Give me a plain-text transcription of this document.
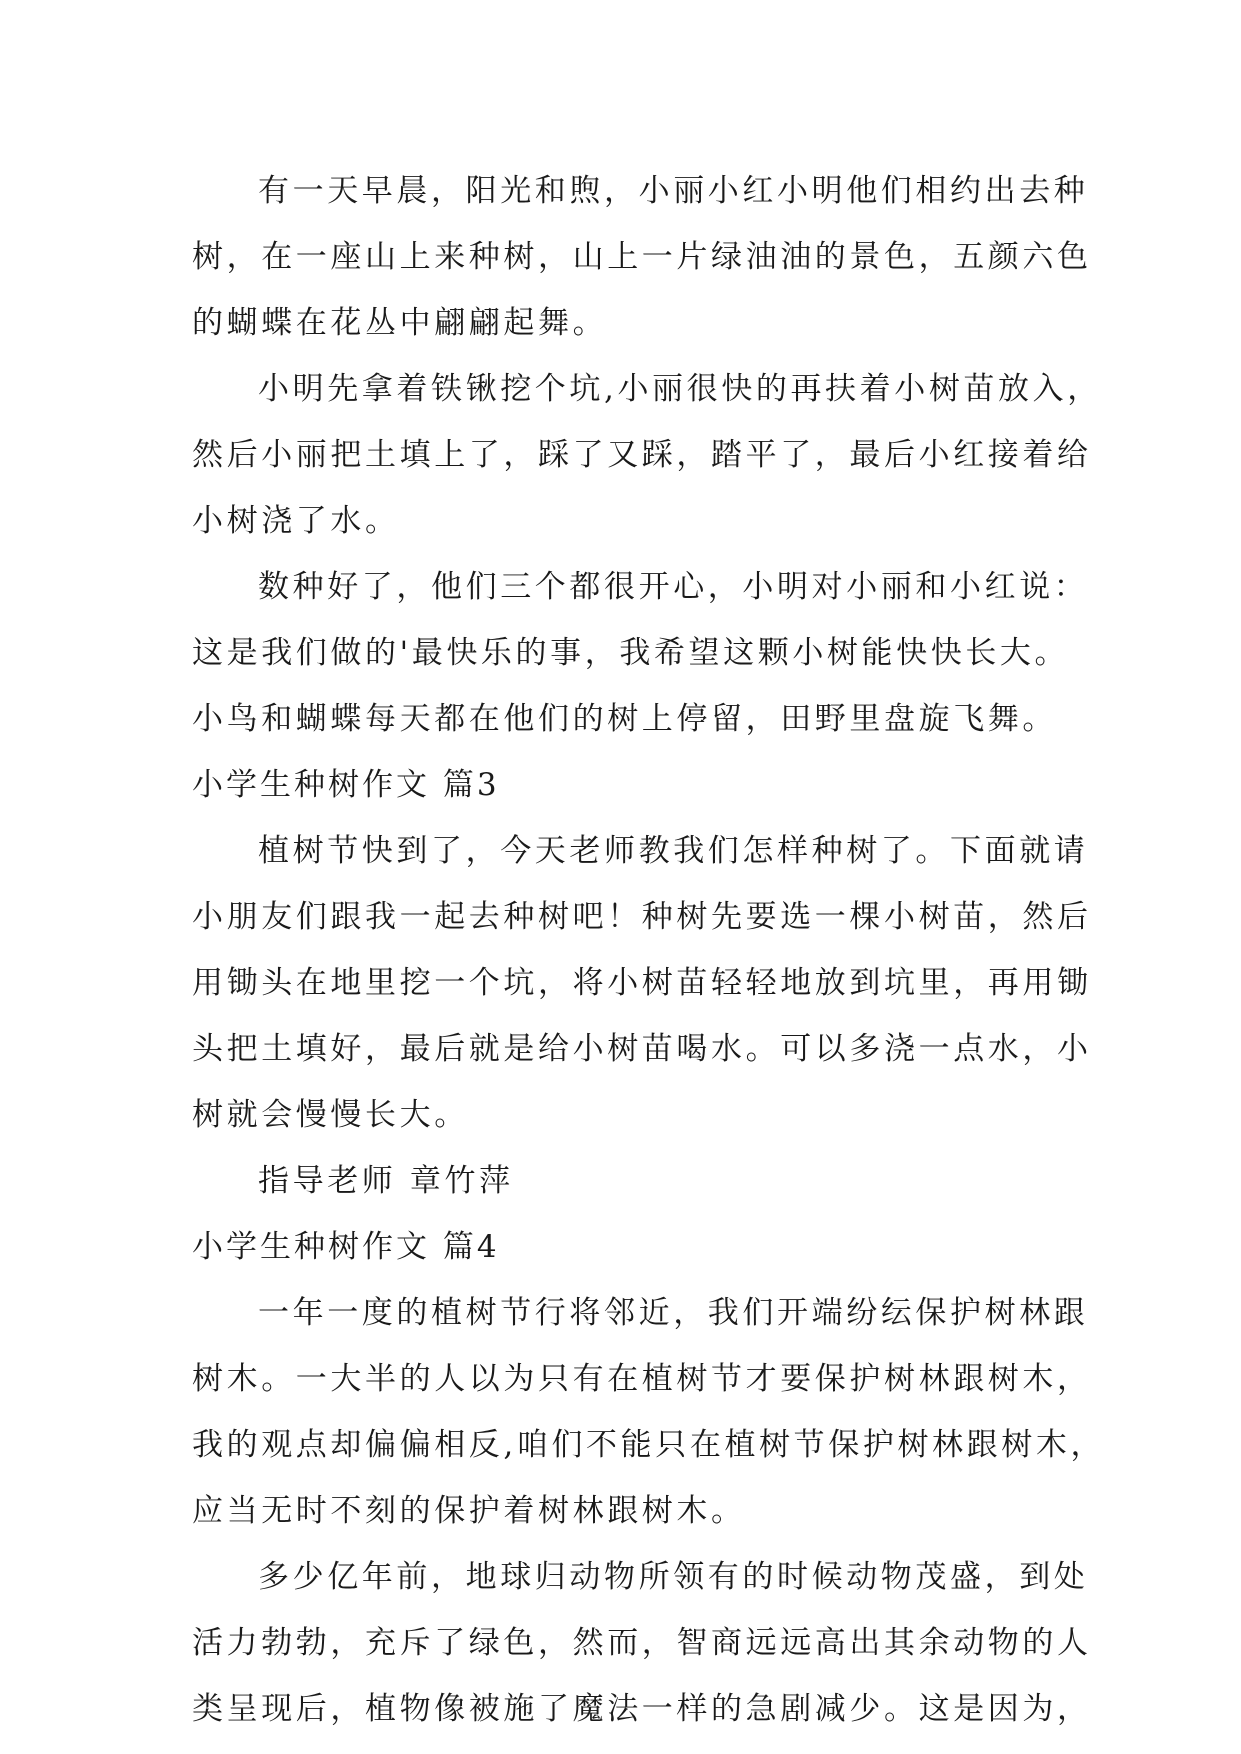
有一天早晨，阳光和煦，小丽小红小明他们相约出去种
树，在一座山上来种树，山上一片绿油油的景色，五颜六色
的蝴蝶在花丛中翩翩起舞。
小明先拿着铁锹挖个坑,小丽很快的再扶着小树苗放入，
然后小丽把土填上了，踩了又踩，踏平了，最后小红接着给
小树浇了水。
数种好了，他们三个都很开心，小明对小丽和小红说：
这是我们做的'最快乐的事，我希望这颗小树能快快长大。
小鸟和蝴蝶每天都在他们的树上停留，田野里盘旋飞舞。
小学生种树作文 篇3
植树节快到了，今天老师教我们怎样种树了。下面就请
小朋友们跟我一起去种树吧！种树先要选一棵小树苗，然后
用锄头在地里挖一个坑，将小树苗轻轻地放到坑里，再用锄
头把土填好，最后就是给小树苗喝水。可以多浇一点水，小
树就会慢慢长大。
指导老师 章竹萍
小学生种树作文 篇4
一年一度的植树节行将邻近，我们开端纷纭保护树林跟
树木。一大半的人以为只有在植树节才要保护树林跟树木，
我的观点却偏偏相反,咱们不能只在植树节保护树林跟树木，
应当无时不刻的保护着树林跟树木。
多少亿年前，地球归动物所领有的时候动物茂盛，到处
活力勃勃，充斥了绿色，然而，智商远远高出其余动物的人
类呈现后，植物像被施了魔法一样的急剧减少。这是因为，
